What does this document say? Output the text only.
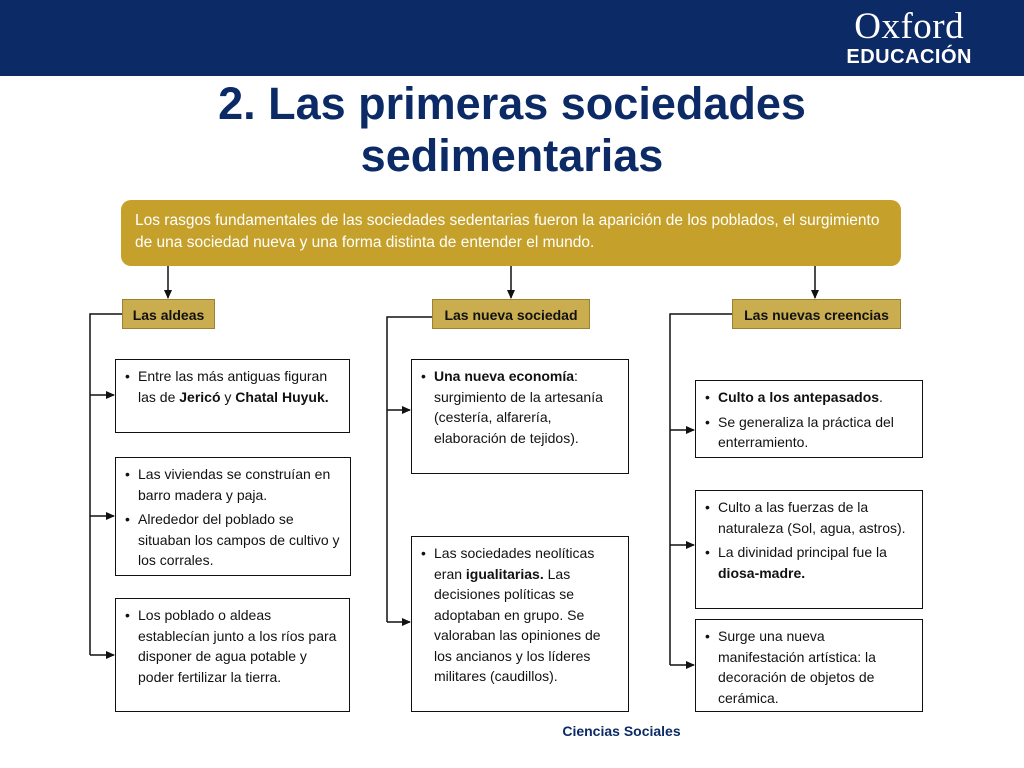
Oxford
EDUCACIÓN
2. Las primeras sociedades
sedimentarias
Los rasgos fundamentales de las sociedades sedentarias fueron la aparición de los poblados, el surgimiento de una sociedad nueva y una forma distinta de entender el mundo.
Las aldeas	Las nueva sociedad	Las nuevas creencias
• Entre las más antiguas figuran las de Jericó y Chatal Huyuk.
• Las viviendas se construían en barro madera y paja.
• Alrededor del poblado se situaban los campos de cultivo y los corrales.
• Los poblado o aldeas establecían junto a los ríos para disponer de agua potable y poder fertilizar la tierra.
• Una nueva economía: surgimiento de la artesanía (cestería, alfarería, elaboración de tejidos).
• Las sociedades neolíticas eran igualitarias. Las decisiones políticas se adoptaban en grupo. Se valoraban las opiniones de los ancianos y los líderes militares (caudillos).
• Culto a los antepasados.
• Se generaliza la práctica del enterramiento.
• Culto a las fuerzas de la naturaleza (Sol, agua, astros).
• La divinidad principal fue la diosa-madre.
• Surge una nueva manifestación artística: la decoración de objetos de cerámica.
Ciencias Sociales
